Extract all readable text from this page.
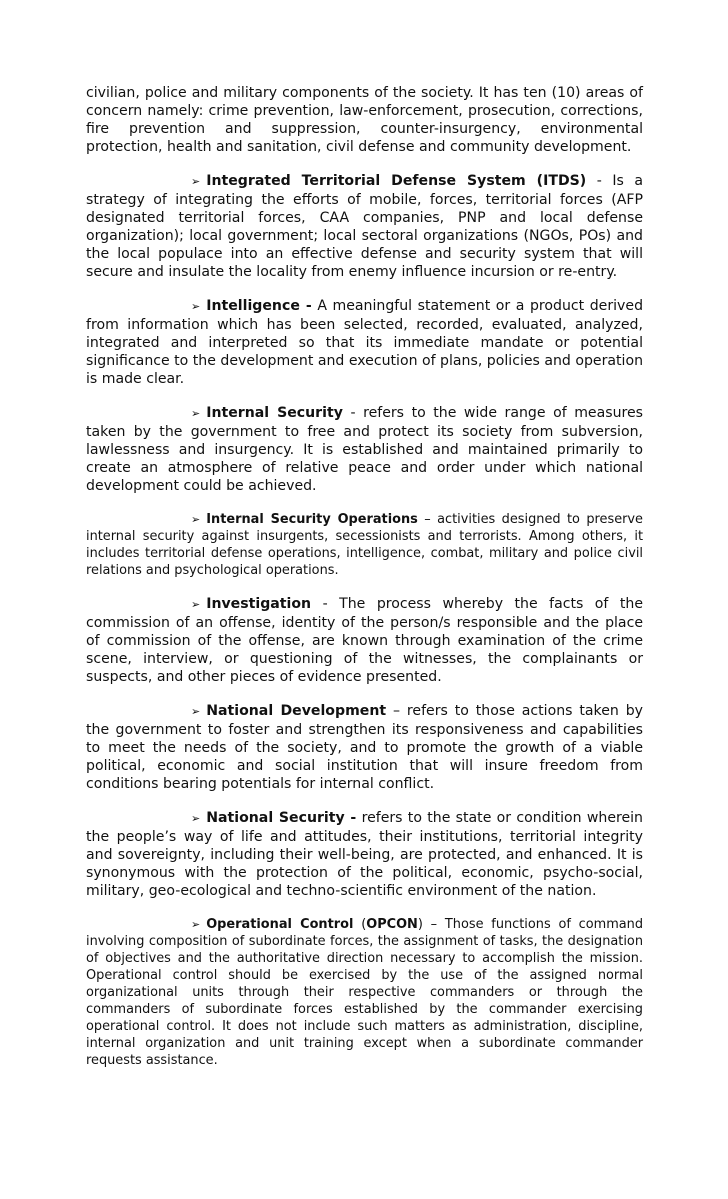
civilian, police and military components of the society. It has ten (10) areas of concern namely: crime prevention, law-enforcement, prosecution, corrections, fire prevention and suppression, counter-insurgency, environmental protection, health and sanitation, civil defense and community development.

➢ Integrated Territorial Defense System (ITDS) - Is a strategy of integrating the efforts of mobile, forces, territorial forces (AFP designated territorial forces, CAA companies, PNP and local defense organization); local government; local sectoral organizations (NGOs, POs) and the local populace into an effective defense and security system that will secure and insulate the locality from enemy influence incursion or re-entry.

➢ Intelligence - A meaningful statement or a product derived from information which has been selected, recorded, evaluated, analyzed, integrated and interpreted so that its immediate mandate or potential significance to the development and execution of plans, policies and operation is made clear.

➢ Internal Security - refers to the wide range of measures taken by the government to free and protect its society from subversion, lawlessness and insurgency. It is established and maintained primarily to create an atmosphere of relative peace and order under which national development could be achieved.

➢ Internal Security Operations – activities designed to preserve internal security against insurgents, secessionists and terrorists. Among others, it includes territorial defense operations, intelligence, combat, military and police civil relations and psychological operations.

➢ Investigation - The process whereby the facts of the commission of an offense, identity of the person/s responsible and the place of commission of the offense, are known through examination of the crime scene, interview, or questioning of the witnesses, the complainants or suspects, and other pieces of evidence presented.

➢ National Development – refers to those actions taken by the government to foster and strengthen its responsiveness and capabilities to meet the needs of the society, and to promote the growth of a viable political, economic and social institution that will insure freedom from conditions bearing potentials for internal conflict.

➢ National Security - refers to the state or condition wherein the people’s way of life and attitudes, their institutions, territorial integrity and sovereignty, including their well-being, are protected, and enhanced. It is synonymous with the protection of the political, economic, psycho-social, military, geo-ecological and techno-scientific environment of the nation.

➢ Operational Control (OPCON) – Those functions of command involving composition of subordinate forces, the assignment of tasks, the designation of objectives and the authoritative direction necessary to accomplish the mission. Operational control should be exercised by the use of the assigned normal organizational units through their respective commanders or through the commanders of subordinate forces established by the commander exercising operational control. It does not include such matters as administration, discipline, internal organization and unit training except when a subordinate commander requests assistance.
